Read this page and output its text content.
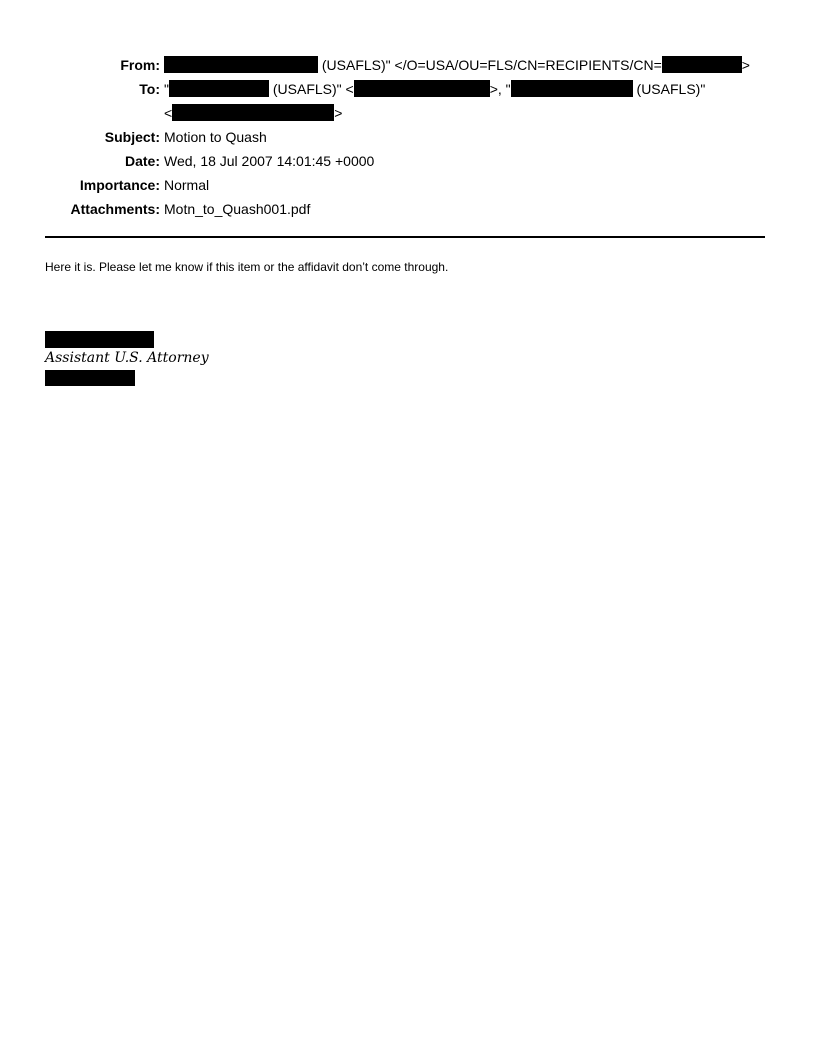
From:	(USAFLS)" </O=USA/OU=FLS/CN=RECIPIENTS/CN=	>
To: "	(USAFLS)" <	>, "	(USAFLS)"
<	>
Subject: Motion to Quash
Date: Wed, 18 Jul 2007 14:01:45 +0000
Importance: Normal
Attachments: Motn_to_Quash001.pdf
Here it is. Please let me know if this item or the affidavit don’t come through.
Assistant U.S. Attorney
